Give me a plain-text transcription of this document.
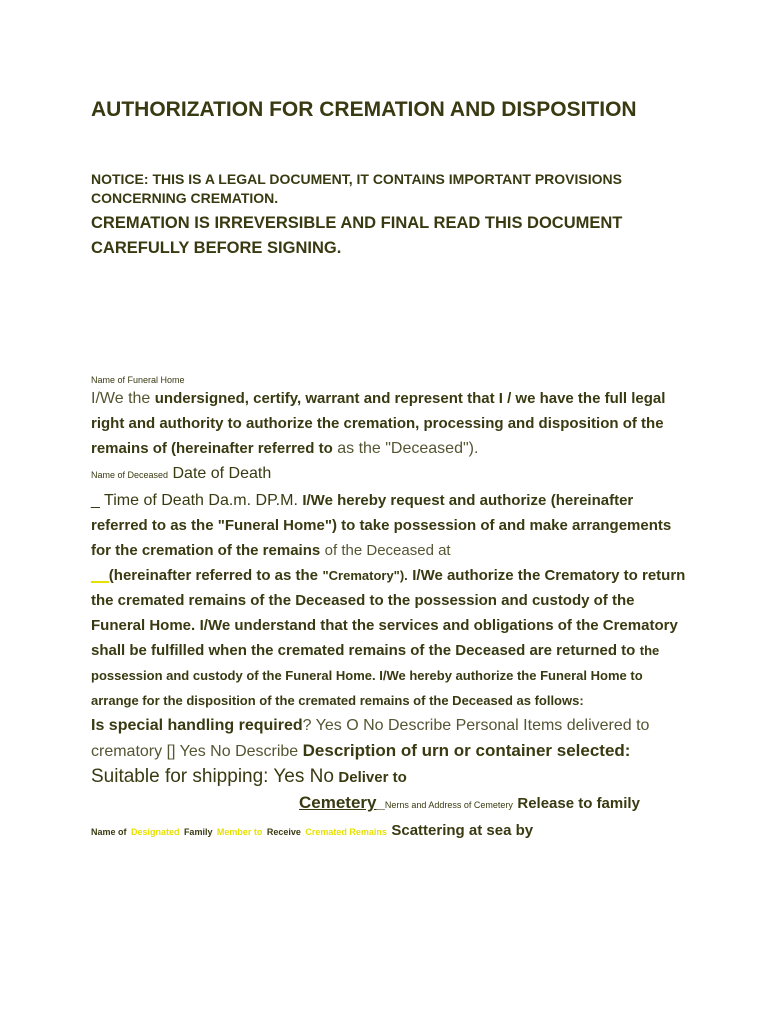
AUTHORIZATION FOR CREMATION AND DISPOSITION
NOTICE: THIS IS A LEGAL DOCUMENT, IT CONTAINS IMPORTANT PROVISIONS CONCERNING CREMATION.
CREMATION IS IRREVERSIBLE AND FINAL READ THIS DOCUMENT CAREFULLY BEFORE SIGNING.
Name of Funeral Home
I/We the undersigned, certify, warrant and represent that I / we have the full legal right and authority to authorize the cremation, processing and disposition of the remains of (hereinafter referred to as the "Deceased").
Name of Deceased Date of Death
_ Time of Death Da.m. DP.M. I/We hereby request and authorize (hereinafter referred to as the "Funeral Home") to take possession of and make arrangements for the cremation of the remains of the Deceased at
__(hereinafter referred to as the "Crematory"). I/We authorize the Crematory to return the cremated remains of the Deceased to the possession and custody of the Funeral Home. I/We understand that the services and obligations of the Crematory shall be fulfilled when the cremated remains of the Deceased are returned to the possession and custody of the Funeral Home. I/We hereby authorize the Funeral Home to arrange for the disposition of the cremated remains of the Deceased as follows:
Is special handling required? Yes O No Describe Personal Items delivered to crematory [] Yes No Describe Description of urn or container selected:
Suitable for shipping: Yes No Deliver to
Cemetery_Nerns and Address of Cemetery Release to family
Name of Designated Family Member to Receive Cremated Remains Scattering at sea by
